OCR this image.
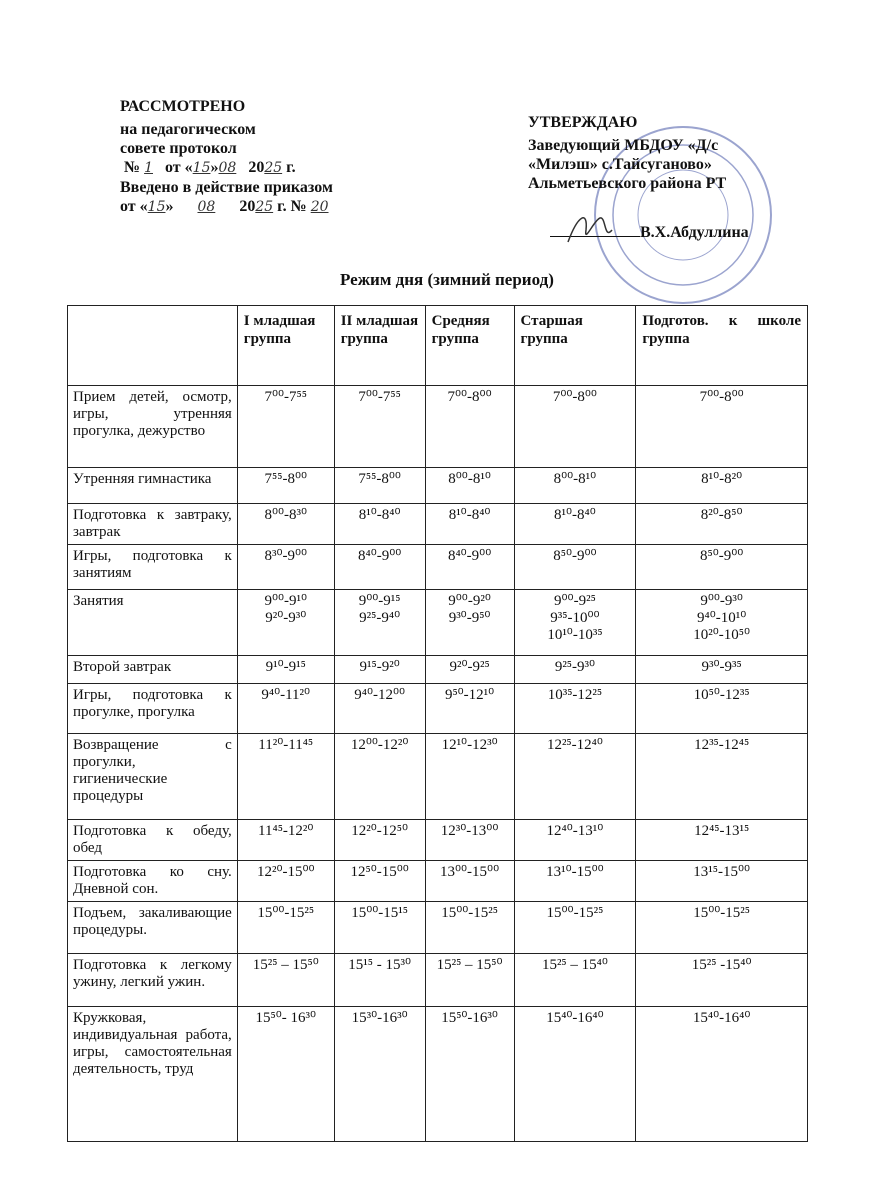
РАССМОТРЕНО
на педагогическом
совете протокол
№ 1 от «15»08 2025 г.
Введено в действие приказом
от «15» 08 2025 г. № 20
УТВЕРЖДАЮ
Заведующий МБДОУ «Д/с
«Милэш» с.Тайсуганово»
Альметьевского района РТ
В.Х.Абдуллина
Режим дня (зимний период)
	I младшая группа	II младшая группа	Средняя группа	Старшая группа	Подготов. к школе группа
Прием детей, осмотр, игры, утренняя прогулка, дежурство	7⁰⁰-7⁵⁵	7⁰⁰-7⁵⁵	7⁰⁰-8⁰⁰	7⁰⁰-8⁰⁰	7⁰⁰-8⁰⁰
Утренняя гимнастика	7⁵⁵-8⁰⁰	7⁵⁵-8⁰⁰	8⁰⁰-8¹⁰	8⁰⁰-8¹⁰	8¹⁰-8²⁰
Подготовка к завтраку, завтрак	8⁰⁰-8³⁰	8¹⁰-8⁴⁰	8¹⁰-8⁴⁰	8¹⁰-8⁴⁰	8²⁰-8⁵⁰
Игры, подготовка к занятиям	8³⁰-9⁰⁰	8⁴⁰-9⁰⁰	8⁴⁰-9⁰⁰	8⁵⁰-9⁰⁰	8⁵⁰-9⁰⁰
Занятия	9⁰⁰-9¹⁰
9²⁰-9³⁰	9⁰⁰-9¹⁵
9²⁵-9⁴⁰	9⁰⁰-9²⁰
9³⁰-9⁵⁰	9⁰⁰-9²⁵
9³⁵-10⁰⁰
10¹⁰-10³⁵	9⁰⁰-9³⁰
9⁴⁰-10¹⁰
10²⁰-10⁵⁰
Второй завтрак	9¹⁰-9¹⁵	9¹⁵-9²⁰	9²⁰-9²⁵	9²⁵-9³⁰	9³⁰-9³⁵
Игры, подготовка к прогулке, прогулка	9⁴⁰-11²⁰	9⁴⁰-12⁰⁰	9⁵⁰-12¹⁰	10³⁵-12²⁵	10⁵⁰-12³⁵
Возвращение с прогулки, гигиенические процедуры	11²⁰-11⁴⁵	12⁰⁰-12²⁰	12¹⁰-12³⁰	12²⁵-12⁴⁰	12³⁵-12⁴⁵
Подготовка к обеду, обед	11⁴⁵-12²⁰	12²⁰-12⁵⁰	12³⁰-13⁰⁰	12⁴⁰-13¹⁰	12⁴⁵-13¹⁵
Подготовка ко сну. Дневной сон.	12²⁰-15⁰⁰	12⁵⁰-15⁰⁰	13⁰⁰-15⁰⁰	13¹⁰-15⁰⁰	13¹⁵-15⁰⁰
Подъем, закаливающие процедуры.	15⁰⁰-15²⁵	15⁰⁰-15¹⁵	15⁰⁰-15²⁵	15⁰⁰-15²⁵	15⁰⁰-15²⁵
Подготовка к легкому ужину, легкий ужин.	15²⁵ – 15⁵⁰	15¹⁵ - 15³⁰	15²⁵ – 15⁵⁰	15²⁵ – 15⁴⁰	15²⁵ -15⁴⁰
Кружковая, индивидуальная работа, игры, самостоятельная деятельность, труд	15⁵⁰- 16³⁰	15³⁰-16³⁰	15⁵⁰-16³⁰	15⁴⁰-16⁴⁰	15⁴⁰-16⁴⁰
